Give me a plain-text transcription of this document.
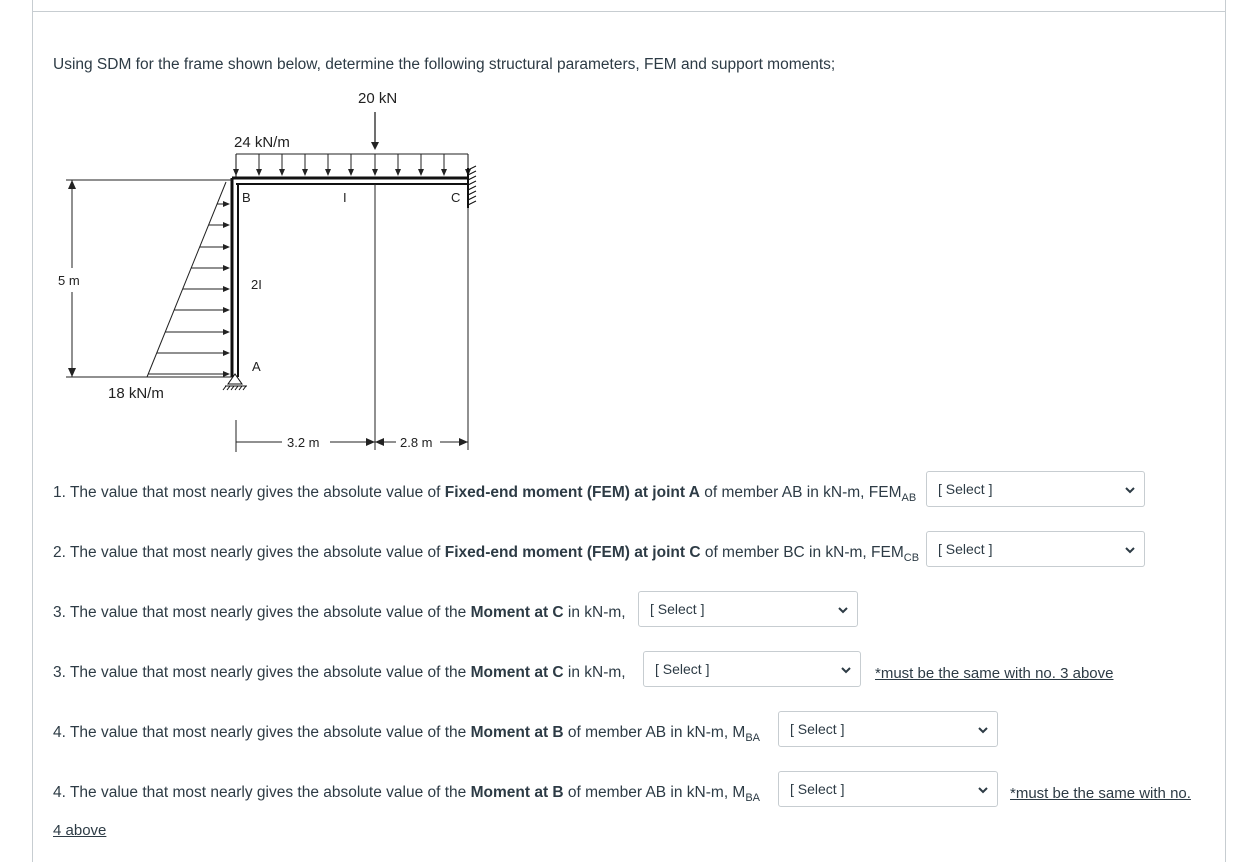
Using SDM for the frame shown below, determine the following structural parameters, FEM and support moments;
20 kN
24 kN/m
B	C
A
I
2I
18 kN/m
5 m
3.2 m	2.8 m
1. The value that most nearly gives the absolute value of Fixed-end moment (FEM) at joint A of member AB in kN-m, $FEM_{AB}$
[ Select ]
2. The value that most nearly gives the absolute value of Fixed-end moment (FEM) at joint C of member BC in kN-m, $FEM_{CB}$
[ Select ]
3. The value that most nearly gives the absolute value of the Moment at C in kN-m, [ Select ]
3. The value that most nearly gives the absolute value of the Moment at C in kN-m, [ Select ]	*must be the same with no. 3 above
4. The value that most nearly gives the absolute value of the Moment at B of member AB in kN-m, $M_{BA}$
[ Select ]
4. The value that most nearly gives the absolute value of the Moment at B of member AB in kN-m, $M_{BA}$
[ Select ]	*must be the same with no.
4 above
